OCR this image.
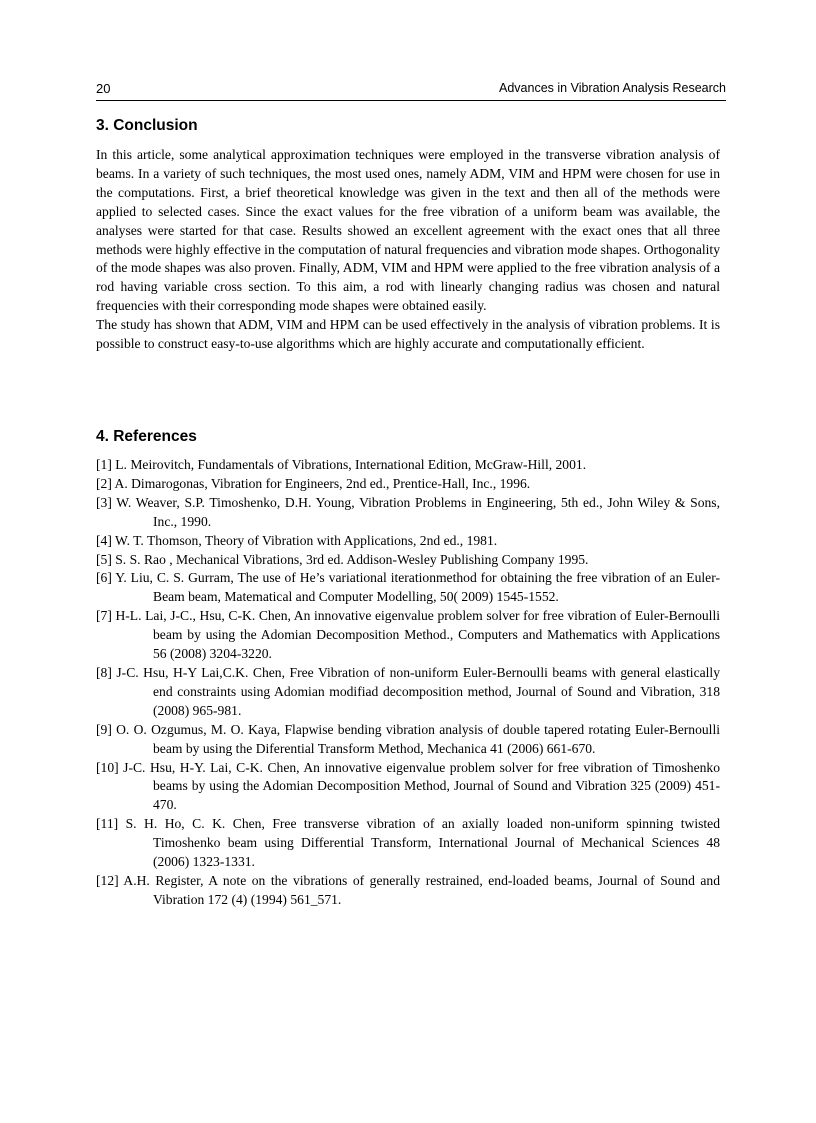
20	Advances in Vibration Analysis Research
3. Conclusion

In this article, some analytical approximation techniques were employed in the transverse vibration analysis of beams. In a variety of such techniques, the most used ones, namely ADM, VIM and HPM were chosen for use in the computations. First, a brief theoretical knowledge was given in the text and then all of the methods were applied to selected cases. Since the exact values for the free vibration of a uniform beam was available, the analyses were started for that case. Results showed an excellent agreement with the exact ones that all three methods were highly effective in the computation of natural frequencies and vibration mode shapes. Orthogonality of the mode shapes was also proven. Finally, ADM, VIM and HPM were applied to the free vibration analysis of a rod having variable cross section. To this aim, a rod with linearly changing radius was chosen and natural frequencies with their corresponding mode shapes were obtained easily.

The study has shown that ADM, VIM and HPM can be used effectively in the analysis of vibration problems. It is possible to construct easy-to-use algorithms which are highly accurate and computationally efficient.

4. References
[1] L. Meirovitch, Fundamentals of Vibrations, International Edition, McGraw-Hill, 2001.
[2] A. Dimarogonas, Vibration for Engineers, 2nd ed., Prentice-Hall, Inc., 1996.
[3] W. Weaver, S.P. Timoshenko, D.H. Young, Vibration Problems in Engineering, 5th ed., John Wiley & Sons, Inc., 1990.
[4] W. T. Thomson, Theory of Vibration with Applications, 2nd ed., 1981.
[5] S. S. Rao , Mechanical Vibrations, 3rd ed. Addison-Wesley Publishing Company 1995.
[6] Y. Liu, C. S. Gurram, The use of He’s variational iterationmethod for obtaining the free vibration of an Euler-Beam beam, Matematical and Computer Modelling, 50( 2009) 1545-1552.
[7] H-L. Lai, J-C., Hsu, C-K. Chen, An innovative eigenvalue problem solver for free vibration of Euler-Bernoulli beam by using the Adomian Decomposition Method., Computers and Mathematics with Applications 56 (2008) 3204-3220.
[8] J-C. Hsu, H-Y Lai,C.K. Chen, Free Vibration of non-uniform Euler-Bernoulli beams with general elastically end constraints using Adomian modifiad decomposition method, Journal of Sound and Vibration, 318 (2008) 965-981.
[9] O. O. Ozgumus, M. O. Kaya, Flapwise bending vibration analysis of double tapered rotating Euler-Bernoulli beam by using the Diferential Transform Method, Mechanica 41 (2006) 661-670.
[10] J-C. Hsu, H-Y. Lai, C-K. Chen, An innovative eigenvalue problem solver for free vibration of Timoshenko beams by using the Adomian Decomposition Method, Journal of Sound and Vibration 325 (2009) 451-470.
[11] S. H. Ho, C. K. Chen, Free transverse vibration of an axially loaded non-uniform spinning twisted Timoshenko beam using Differential Transform, International Journal of Mechanical Sciences 48 (2006) 1323-1331.
[12] A.H. Register, A note on the vibrations of generally restrained, end-loaded beams, Journal of Sound and Vibration 172 (4) (1994) 561_571.
